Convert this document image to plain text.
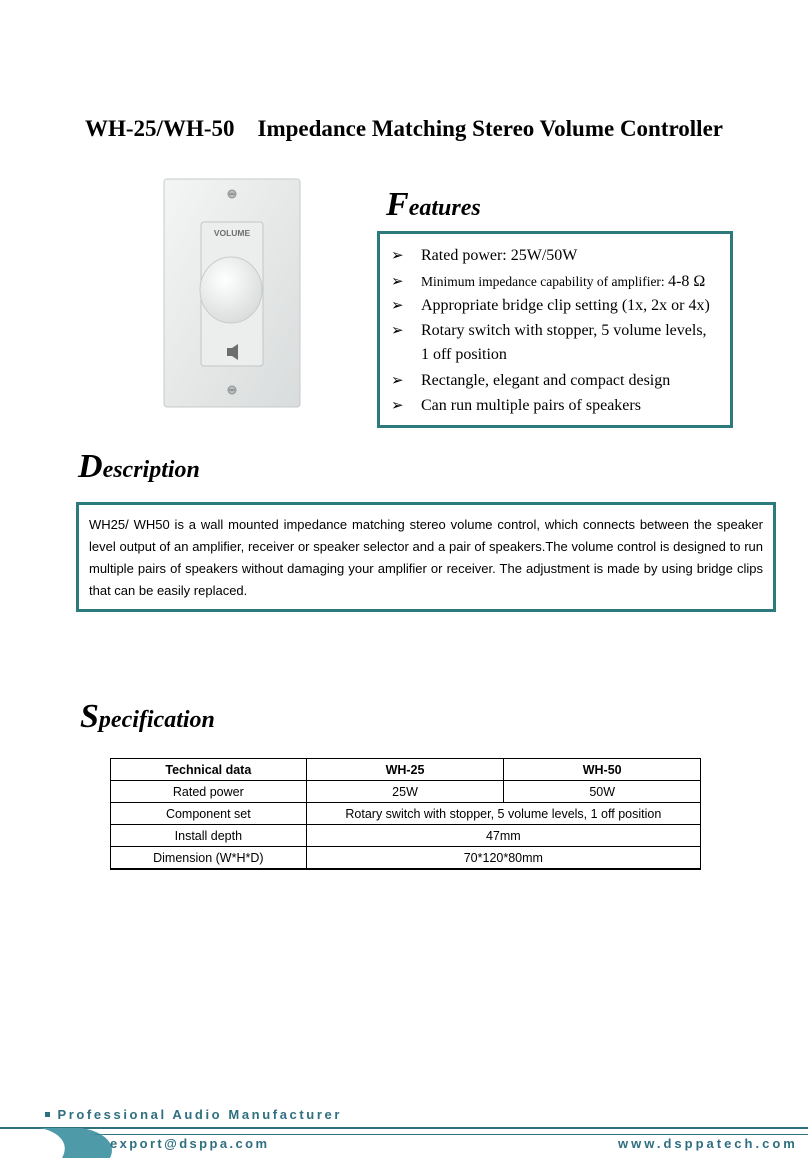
WH-25/WH-50    Impedance Matching Stereo Volume Controller
VOLUME
Features
➢ Rated power: 25W/50W
➢ Minimum impedance capability of amplifier: 4-8 Ω
➢ Appropriate bridge clip setting (1x, 2x or 4x)
➢ Rotary switch with stopper, 5 volume levels,
1 off position
➢ Rectangle, elegant and compact design
➢ Can run multiple pairs of speakers
Description
WH25/ WH50 is a wall mounted impedance matching stereo volume control, which connects between the speaker level output of an amplifier, receiver or speaker selector and a pair of speakers.The volume control is designed to run multiple pairs of speakers without damaging your amplifier or receiver. The adjustment is made by using bridge clips that can be easily replaced.
Specification
Technical data	WH-25	WH-50
Rated power	25W	50W
Component set	Rotary switch with stopper, 5 volume levels, 1 off position	
Install depth	47mm	
Dimension (W*H*D)	70*120*80mm	
Professional Audio Manufacturer
export@dsppa.com	www.dsppatech.com
